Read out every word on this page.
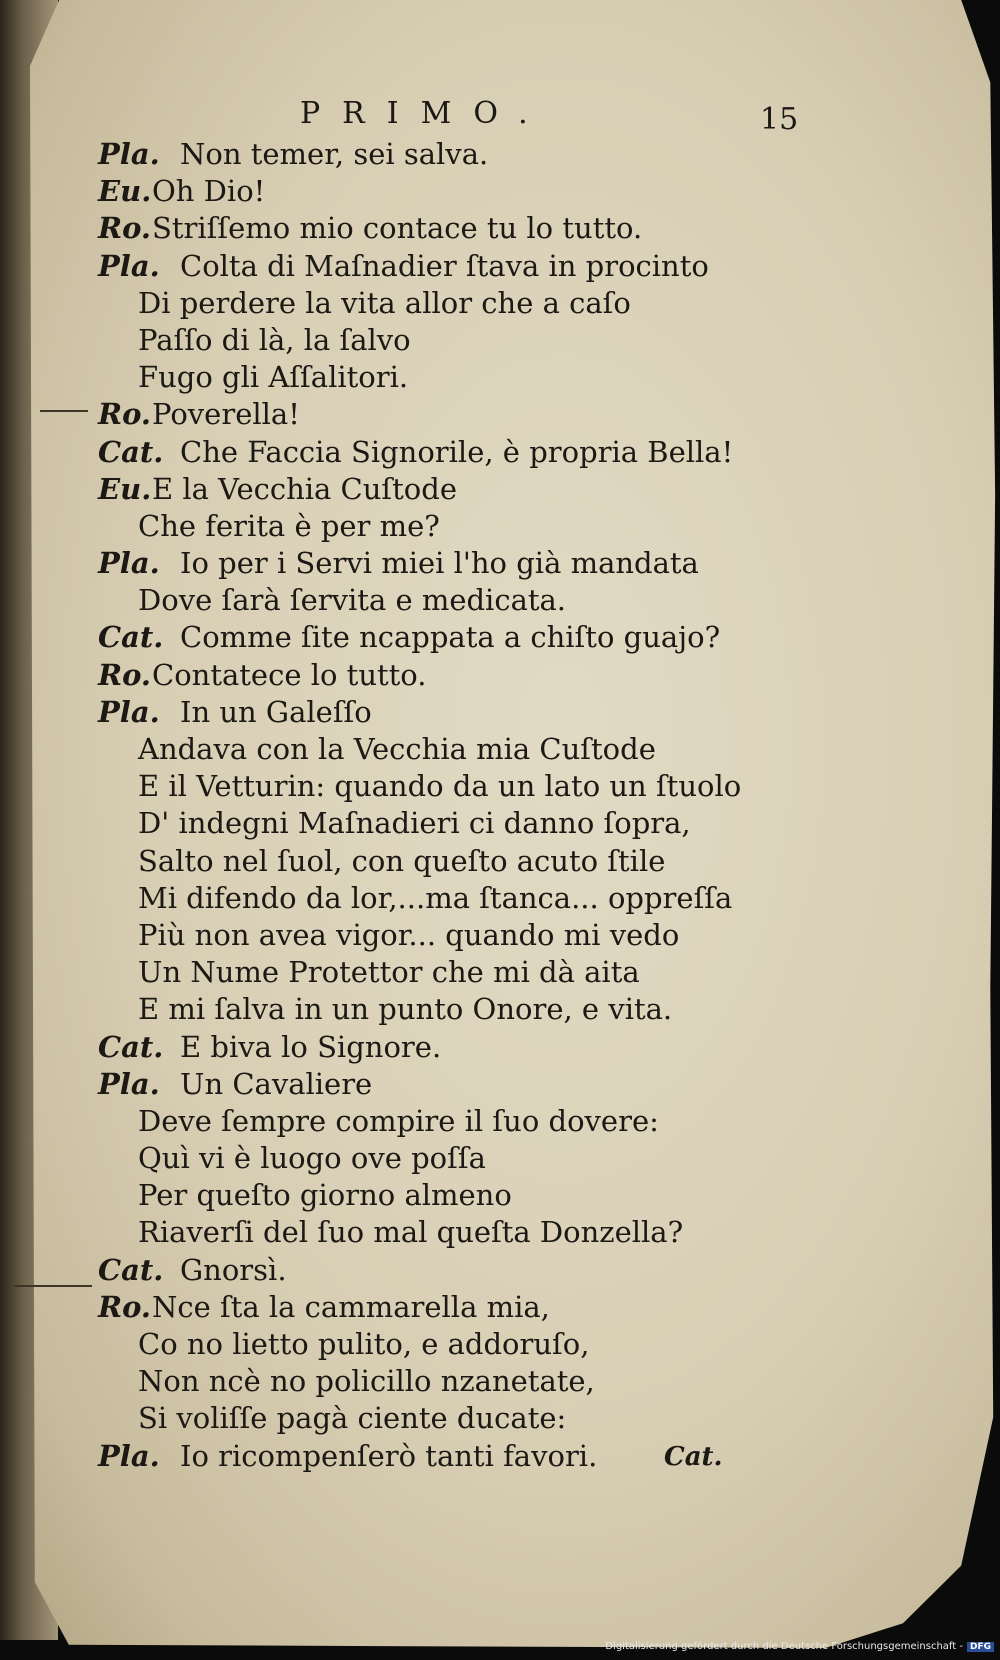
PRIMO.	15
Pla. Non temer, sei salva.
Eu. Oh Dio!
Ro. Striſſemo mio contace tu lo tutto.
Pla. Colta di Maſnadier ſtava in procinto
Di perdere la vita allor che a caſo
Paſſo di là, la ſalvo
Fugo gli Aſſalitori.
Ro. Poverella!
Cat. Che Faccia Signorile, è propria Bella!
Eu. E la Vecchia Cuſtode
Che ferita è per me?
Pla. Io per i Servi miei l'ho già mandata
Dove ſarà ſervita e medicata.
Cat. Comme ſite ncappata a chiſto guajo?
Ro. Contatece lo tutto.
Pla. In un Galeſſo
Andava con la Vecchia mia Cuſtode
E il Vetturin: quando da un lato un ſtuolo
D' indegni Maſnadieri ci danno ſopra,
Salto nel ſuol, con queſto acuto ſtile
Mi difendo da lor,...ma ſtanca... oppreſſa
Più non avea vigor... quando mi vedo
Un Nume Protettor che mi dà aita
E mi ſalva in un punto Onore, e vita.
Cat. E biva lo Signore.
Pla. Un Cavaliere
Deve ſempre compire il ſuo dovere:
Quì vi è luogo ove poſſa
Per queſto giorno almeno
Riaverſi del ſuo mal queſta Donzella?
Cat. Gnorsì.
Ro. Nce ſta la cammarella mia,
Co no lietto pulito, e addoruſo,
Non ncè no policillo nzanetate,
Si voliſſe pagà ciente ducate:
Pla. Io ricompenſerò tanti favori.	Cat.
Digitalisierung gefördert durch die Deutsche Forschungsgemeinschaft - DFG
